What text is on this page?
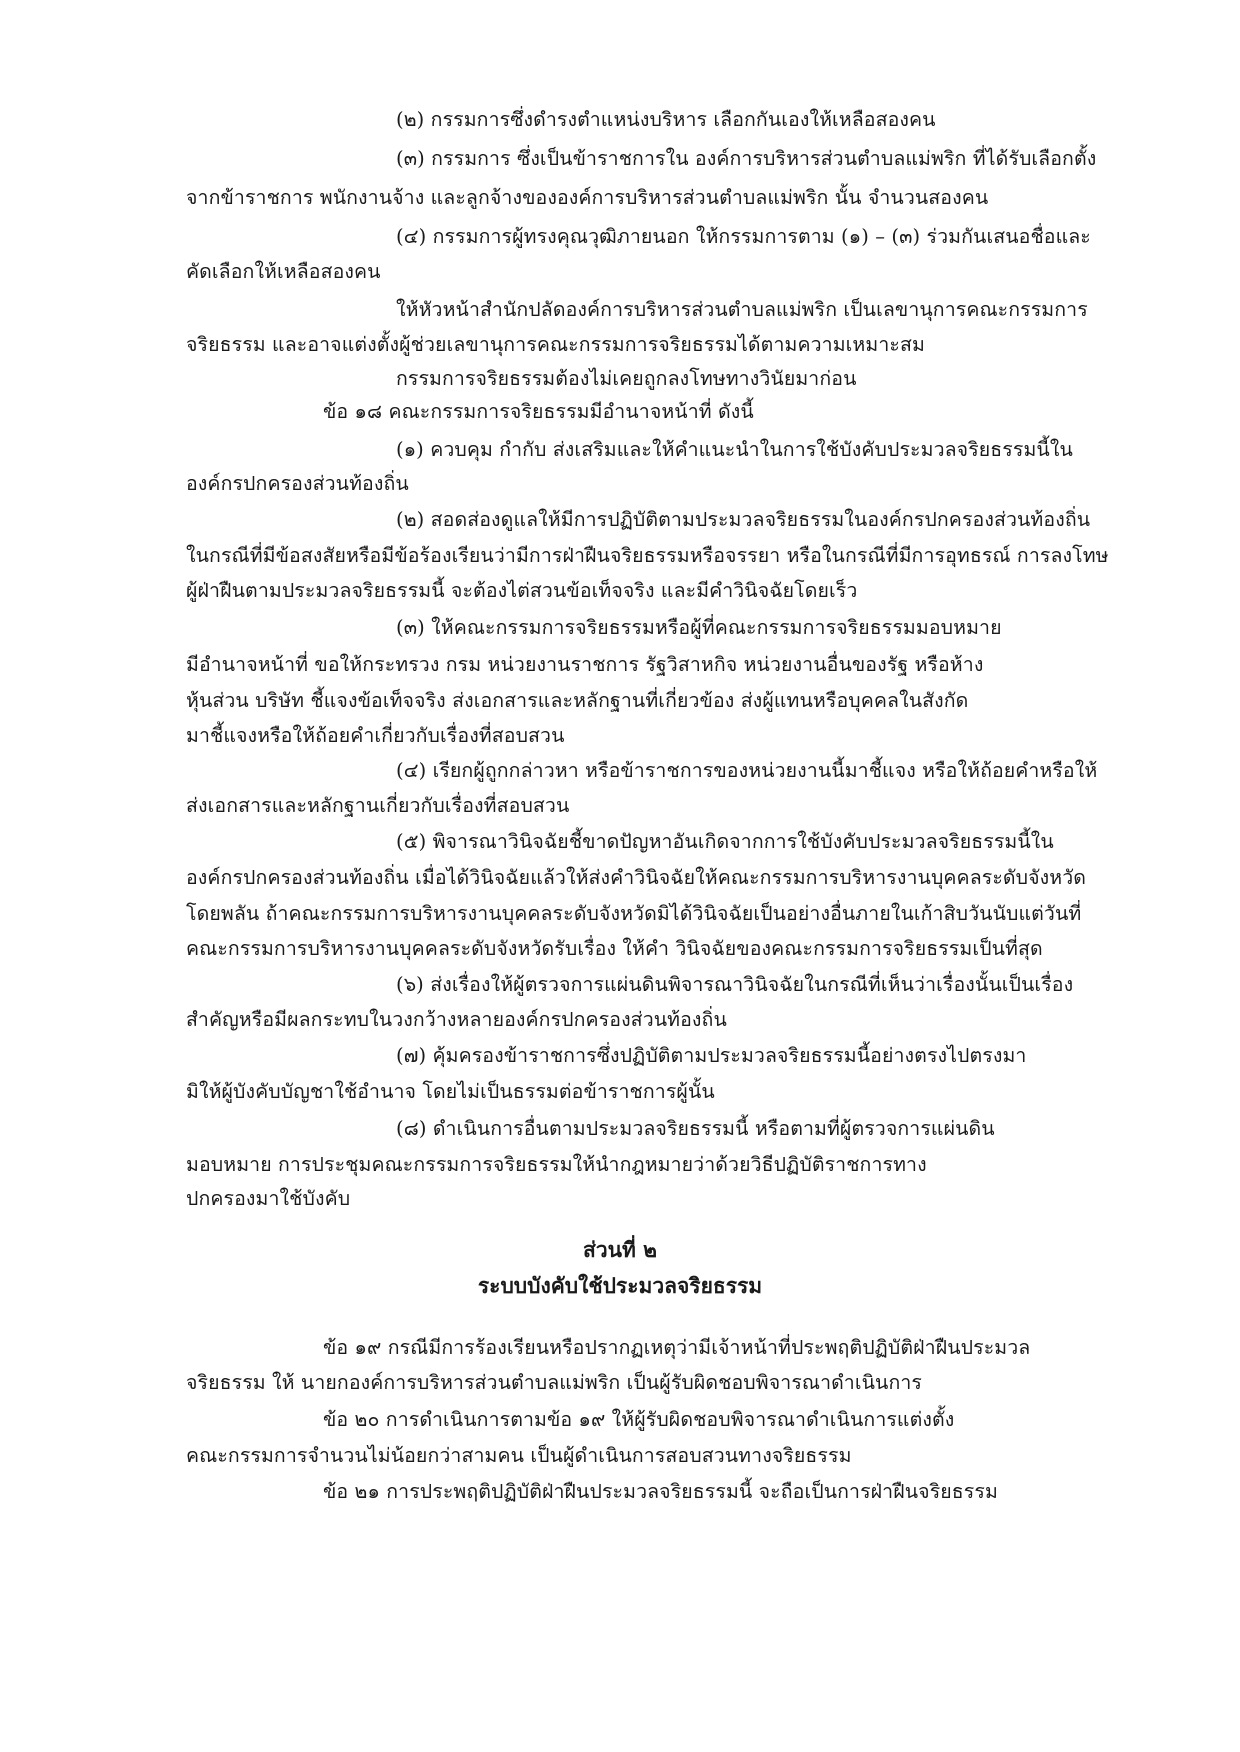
(๒) กรรมการซึ่งดำรงตำแหน่งบริหาร เลือกกันเองให้เหลือสองคน
(๓) กรรมการ ซึ่งเป็นข้าราชการใน องค์การบริหารส่วนตำบลแม่พริก ที่ได้รับเลือกตั้ง
จากข้าราชการ พนักงานจ้าง และลูกจ้างขององค์การบริหารส่วนตำบลแม่พริก นั้น จำนวนสองคน
(๔) กรรมการผู้ทรงคุณวุฒิภายนอก ให้กรรมการตาม (๑) – (๓) ร่วมกันเสนอชื่อและ
คัดเลือกให้เหลือสองคน
ให้หัวหน้าสำนักปลัดองค์การบริหารส่วนตำบลแม่พริก เป็นเลขานุการคณะกรรมการ
จริยธรรม และอาจแต่งตั้งผู้ช่วยเลขานุการคณะกรรมการจริยธรรมได้ตามความเหมาะสม
กรรมการจริยธรรมต้องไม่เคยถูกลงโทษทางวินัยมาก่อน
ข้อ ๑๘ คณะกรรมการจริยธรรมมีอำนาจหน้าที่ ดังนี้
(๑) ควบคุม กำกับ ส่งเสริมและให้คำแนะนำในการใช้บังคับประมวลจริยธรรมนี้ใน
องค์กรปกครองส่วนท้องถิ่น
(๒) สอดส่องดูแลให้มีการปฏิบัติตามประมวลจริยธรรมในองค์กรปกครองส่วนท้องถิ่น
ในกรณีที่มีข้อสงสัยหรือมีข้อร้องเรียนว่ามีการฝ่าฝืนจริยธรรมหรือจรรยา หรือในกรณีที่มีการอุทธรณ์ การลงโทษ
ผู้ฝ่าฝืนตามประมวลจริยธรรมนี้ จะต้องไต่สวนข้อเท็จจริง และมีคำวินิจฉัยโดยเร็ว
(๓) ให้คณะกรรมการจริยธรรมหรือผู้ที่คณะกรรมการจริยธรรมมอบหมาย
มีอำนาจหน้าที่ ขอให้กระทรวง กรม หน่วยงานราชการ รัฐวิสาหกิจ หน่วยงานอื่นของรัฐ หรือห้าง
หุ้นส่วน บริษัท ชี้แจงข้อเท็จจริง ส่งเอกสารและหลักฐานที่เกี่ยวข้อง ส่งผู้แทนหรือบุคคลในสังกัด
มาชี้แจงหรือให้ถ้อยคำเกี่ยวกับเรื่องที่สอบสวน
(๔) เรียกผู้ถูกกล่าวหา หรือข้าราชการของหน่วยงานนี้มาชี้แจง หรือให้ถ้อยคำหรือให้
ส่งเอกสารและหลักฐานเกี่ยวกับเรื่องที่สอบสวน
(๕) พิจารณาวินิจฉัยชี้ขาดปัญหาอันเกิดจากการใช้บังคับประมวลจริยธรรมนี้ใน
องค์กรปกครองส่วนท้องถิ่น เมื่อได้วินิจฉัยแล้วให้ส่งคำวินิจฉัยให้คณะกรรมการบริหารงานบุคคลระดับจังหวัด
โดยพลัน ถ้าคณะกรรมการบริหารงานบุคคลระดับจังหวัดมิได้วินิจฉัยเป็นอย่างอื่นภายในเก้าสิบวันนับแต่วันที่
คณะกรรมการบริหารงานบุคคลระดับจังหวัดรับเรื่อง ให้คำ วินิจฉัยของคณะกรรมการจริยธรรมเป็นที่สุด
(๖) ส่งเรื่องให้ผู้ตรวจการแผ่นดินพิจารณาวินิจฉัยในกรณีที่เห็นว่าเรื่องนั้นเป็นเรื่อง
สำคัญหรือมีผลกระทบในวงกว้างหลายองค์กรปกครองส่วนท้องถิ่น
(๗) คุ้มครองข้าราชการซึ่งปฏิบัติตามประมวลจริยธรรมนี้อย่างตรงไปตรงมา
มิให้ผู้บังคับบัญชาใช้อำนาจ โดยไม่เป็นธรรมต่อข้าราชการผู้นั้น
(๘) ดำเนินการอื่นตามประมวลจริยธรรมนี้ หรือตามที่ผู้ตรวจการแผ่นดิน
มอบหมาย การประชุมคณะกรรมการจริยธรรมให้นำกฎหมายว่าด้วยวิธีปฏิบัติราชการทาง
ปกครองมาใช้บังคับ
ส่วนที่ ๒
ระบบบังคับใช้ประมวลจริยธรรม
ข้อ ๑๙ กรณีมีการร้องเรียนหรือปรากฏเหตุว่ามีเจ้าหน้าที่ประพฤติปฏิบัติฝ่าฝืนประมวล
จริยธรรม ให้ นายกองค์การบริหารส่วนตำบลแม่พริก เป็นผู้รับผิดชอบพิจารณาดำเนินการ
ข้อ ๒๐ การดำเนินการตามข้อ ๑๙ ให้ผู้รับผิดชอบพิจารณาดำเนินการแต่งตั้ง
คณะกรรมการจำนวนไม่น้อยกว่าสามคน เป็นผู้ดำเนินการสอบสวนทางจริยธรรม
ข้อ ๒๑ การประพฤติปฏิบัติฝ่าฝืนประมวลจริยธรรมนี้ จะถือเป็นการฝ่าฝืนจริยธรรม
